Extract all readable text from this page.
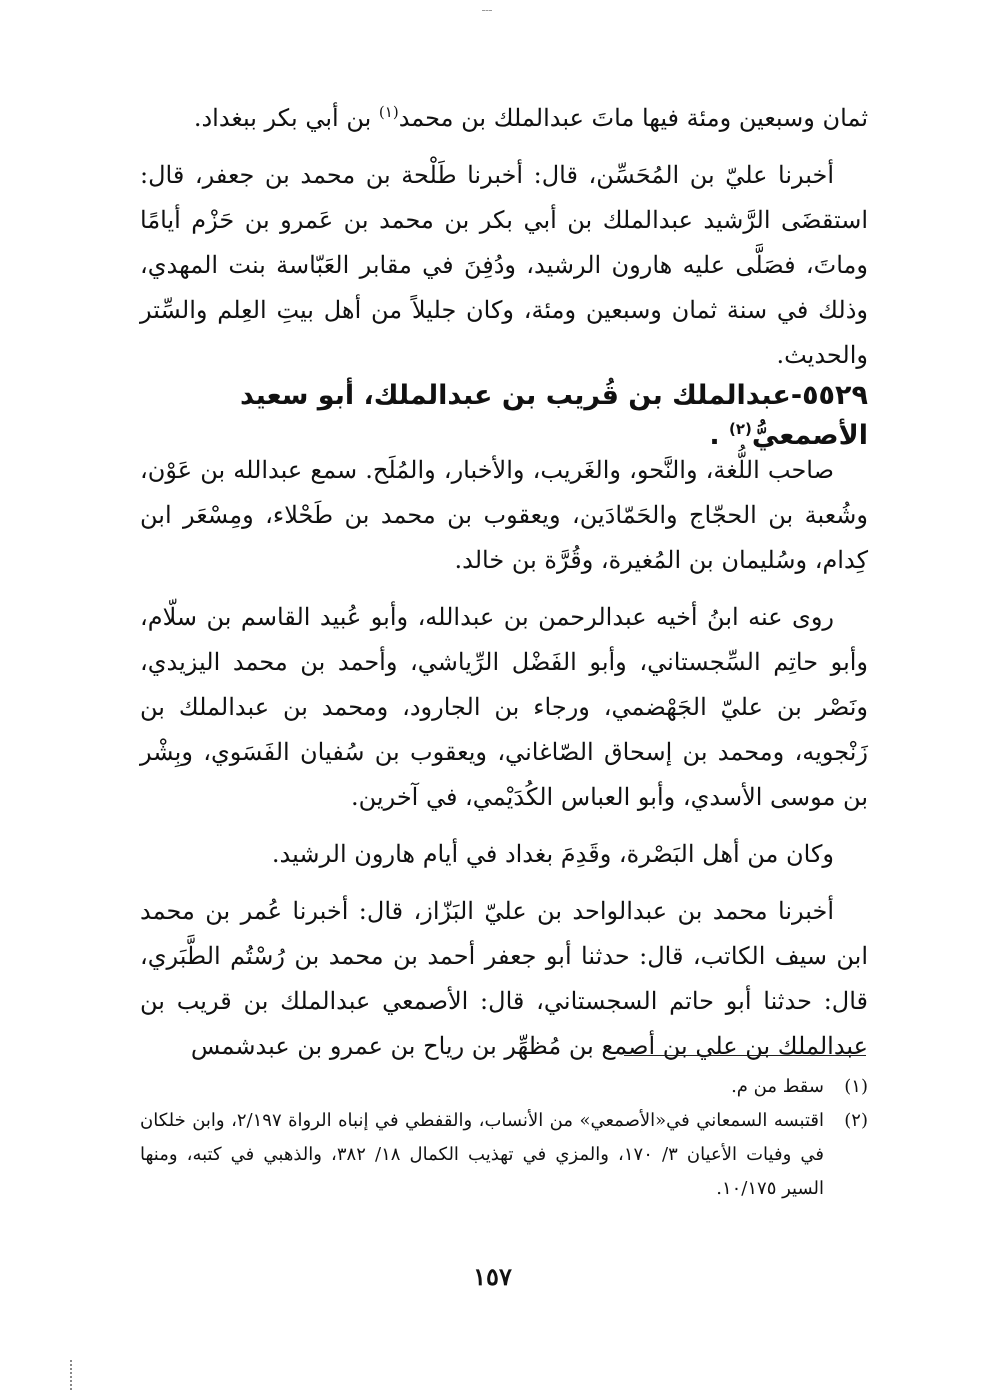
ثمان وسبعين ومئة فيها ماتَ عبدالملك بن محمد$^{(١)}$ بن أبي بكر ببغداد.

أخبرنا عليّ بن المُحَسِّن، قال: أخبرنا طَلْحة بن محمد بن جعفر، قال: استقضَى الرَّشيد عبدالملك بن أبي بكر بن محمد بن عَمرو بن حَزْم أيامًا وماتَ، فصَلَّى عليه هارون الرشيد، ودُفِنَ في مقابر العَبّاسة بنت المهدي، وذلك في سنة ثمان وسبعين ومئة، وكان جليلاً من أهل بيتِ العِلم والسِّتر والحديث.

٥٥٢٩-عبدالملك بن قُريب بن عبدالملك، أبو سعيد الأصمعيُّ$^{(٢)}$ .

صاحب اللُّغة، والنَّحو، والغَريب، والأخبار، والمُلَح. سمع عبدالله بن عَوْن، وشُعبة بن الحجّاج والحَمّادَين، ويعقوب بن محمد بن طَحْلاء، ومِسْعَر ابن كِدام، وسُليمان بن المُغيرة، وقُرَّة بن خالد.

روى عنه ابنُ أخيه عبدالرحمن بن عبدالله، وأبو عُبيد القاسم بن سلّام، وأبو حاتِم السِّجستاني، وأبو الفَضْل الرِّياشي، وأحمد بن محمد اليزيدي، ونَصْر بن عليّ الجَهْضمي، ورجاء بن الجارود، ومحمد بن عبدالملك بن زَنْجويه، ومحمد بن إسحاق الصّاغاني، ويعقوب بن سُفيان الفَسَوي، وبِشْر بن موسى الأسدي، وأبو العباس الكُدَيْمي، في آخرين.

وكان من أهل البَصْرة، وقَدِمَ بغداد في أيام هارون الرشيد.

أخبرنا محمد بن عبدالواحد بن عليّ البَزّاز، قال: أخبرنا عُمر بن محمد ابن سيف الكاتب، قال: حدثنا أبو جعفر أحمد بن محمد بن رُسْتُم الطَّبَري، قال: حدثنا أبو حاتم السجستاني، قال: الأصمعي عبدالملك بن قريب بن عبدالملك بن علي بن أصمع بن مُظهِّر بن رياح بن عمرو بن عبدشمس

(١)
سقط من م.
(٢)
اقتبسه السمعاني في«الأصمعي» من الأنساب، والقفطي في إنباه الرواة ٢/١٩٧، وابن خلكان في وفيات الأعيان ٣/ ١٧٠، والمزي في تهذيب الكمال ١٨/ ٣٨٢، والذهبي في كتبه، ومنها السير ١٠/١٧٥.
١٥٧
